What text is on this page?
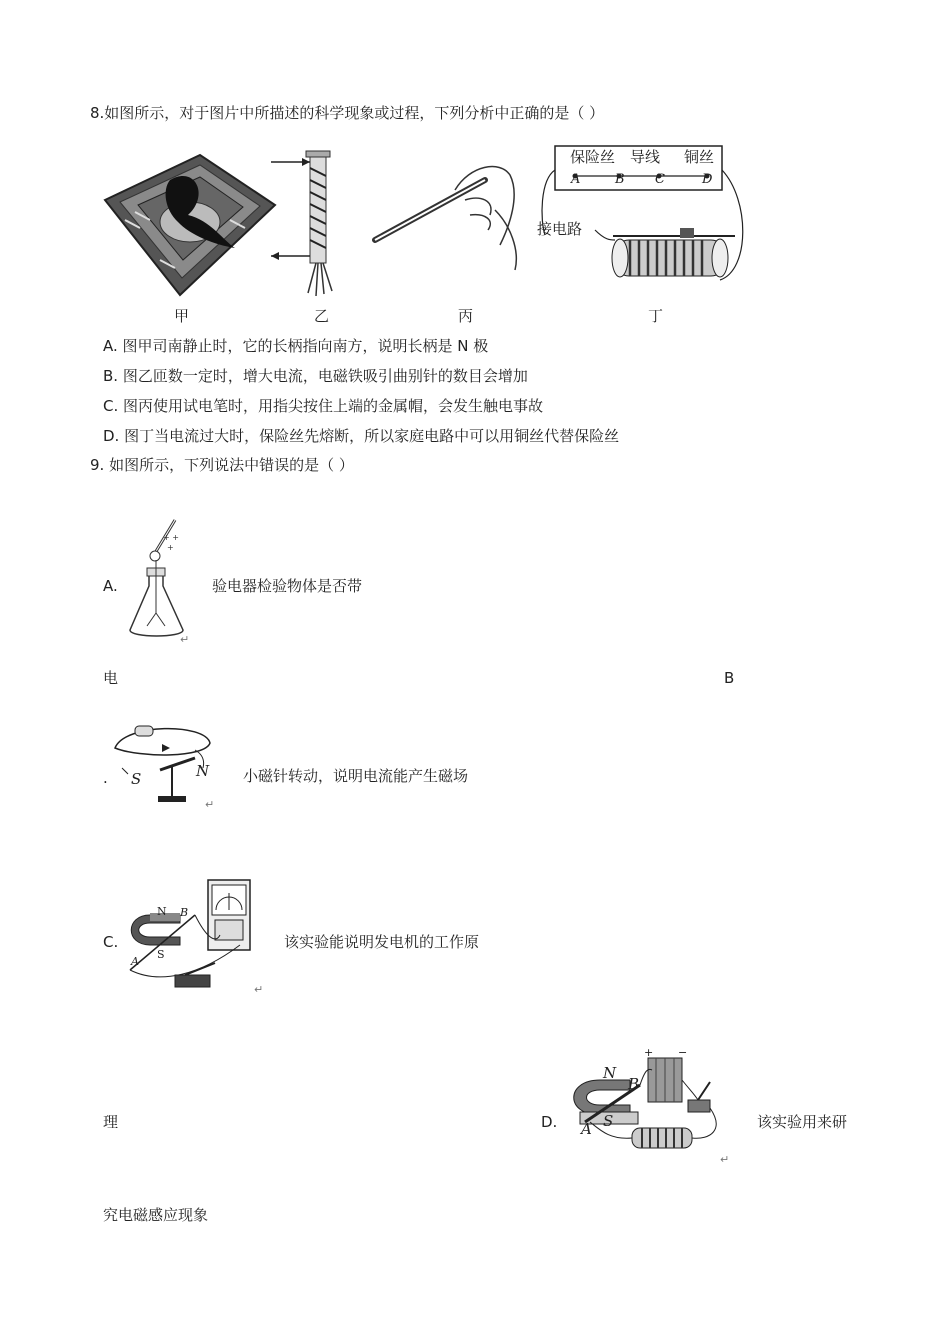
8.如图所示，对于图片中所描述的科学现象或过程，下列分析中正确的是（ ）
甲	乙	丙
保险丝 导线 铜丝
A	B C	D
接电路
丁
A. 图甲司南静止时，它的长柄指向南方，说明长柄是 N 极
B. 图乙匝数一定时，增大电流，电磁铁吸引曲别针的数目会增加
C. 图丙使用试电笔时，用指尖按住上端的金属帽，会发生触电事故
D. 图丁当电流过大时，保险丝先熔断，所以家庭电路中可以用铜丝代替保险丝
9. 如图所示，下列说法中错误的是（ ）
A.
+ +
+
↵
验电器检验物体是否带
电	B
. S	N
↵
小磁针转动，说明电流能产生磁场
C.
N
S
A
B
↵
该实验能说明发电机的工作原
理	D.
+ −
N
S
A
B
↵
该实验用来研
究电磁感应现象
